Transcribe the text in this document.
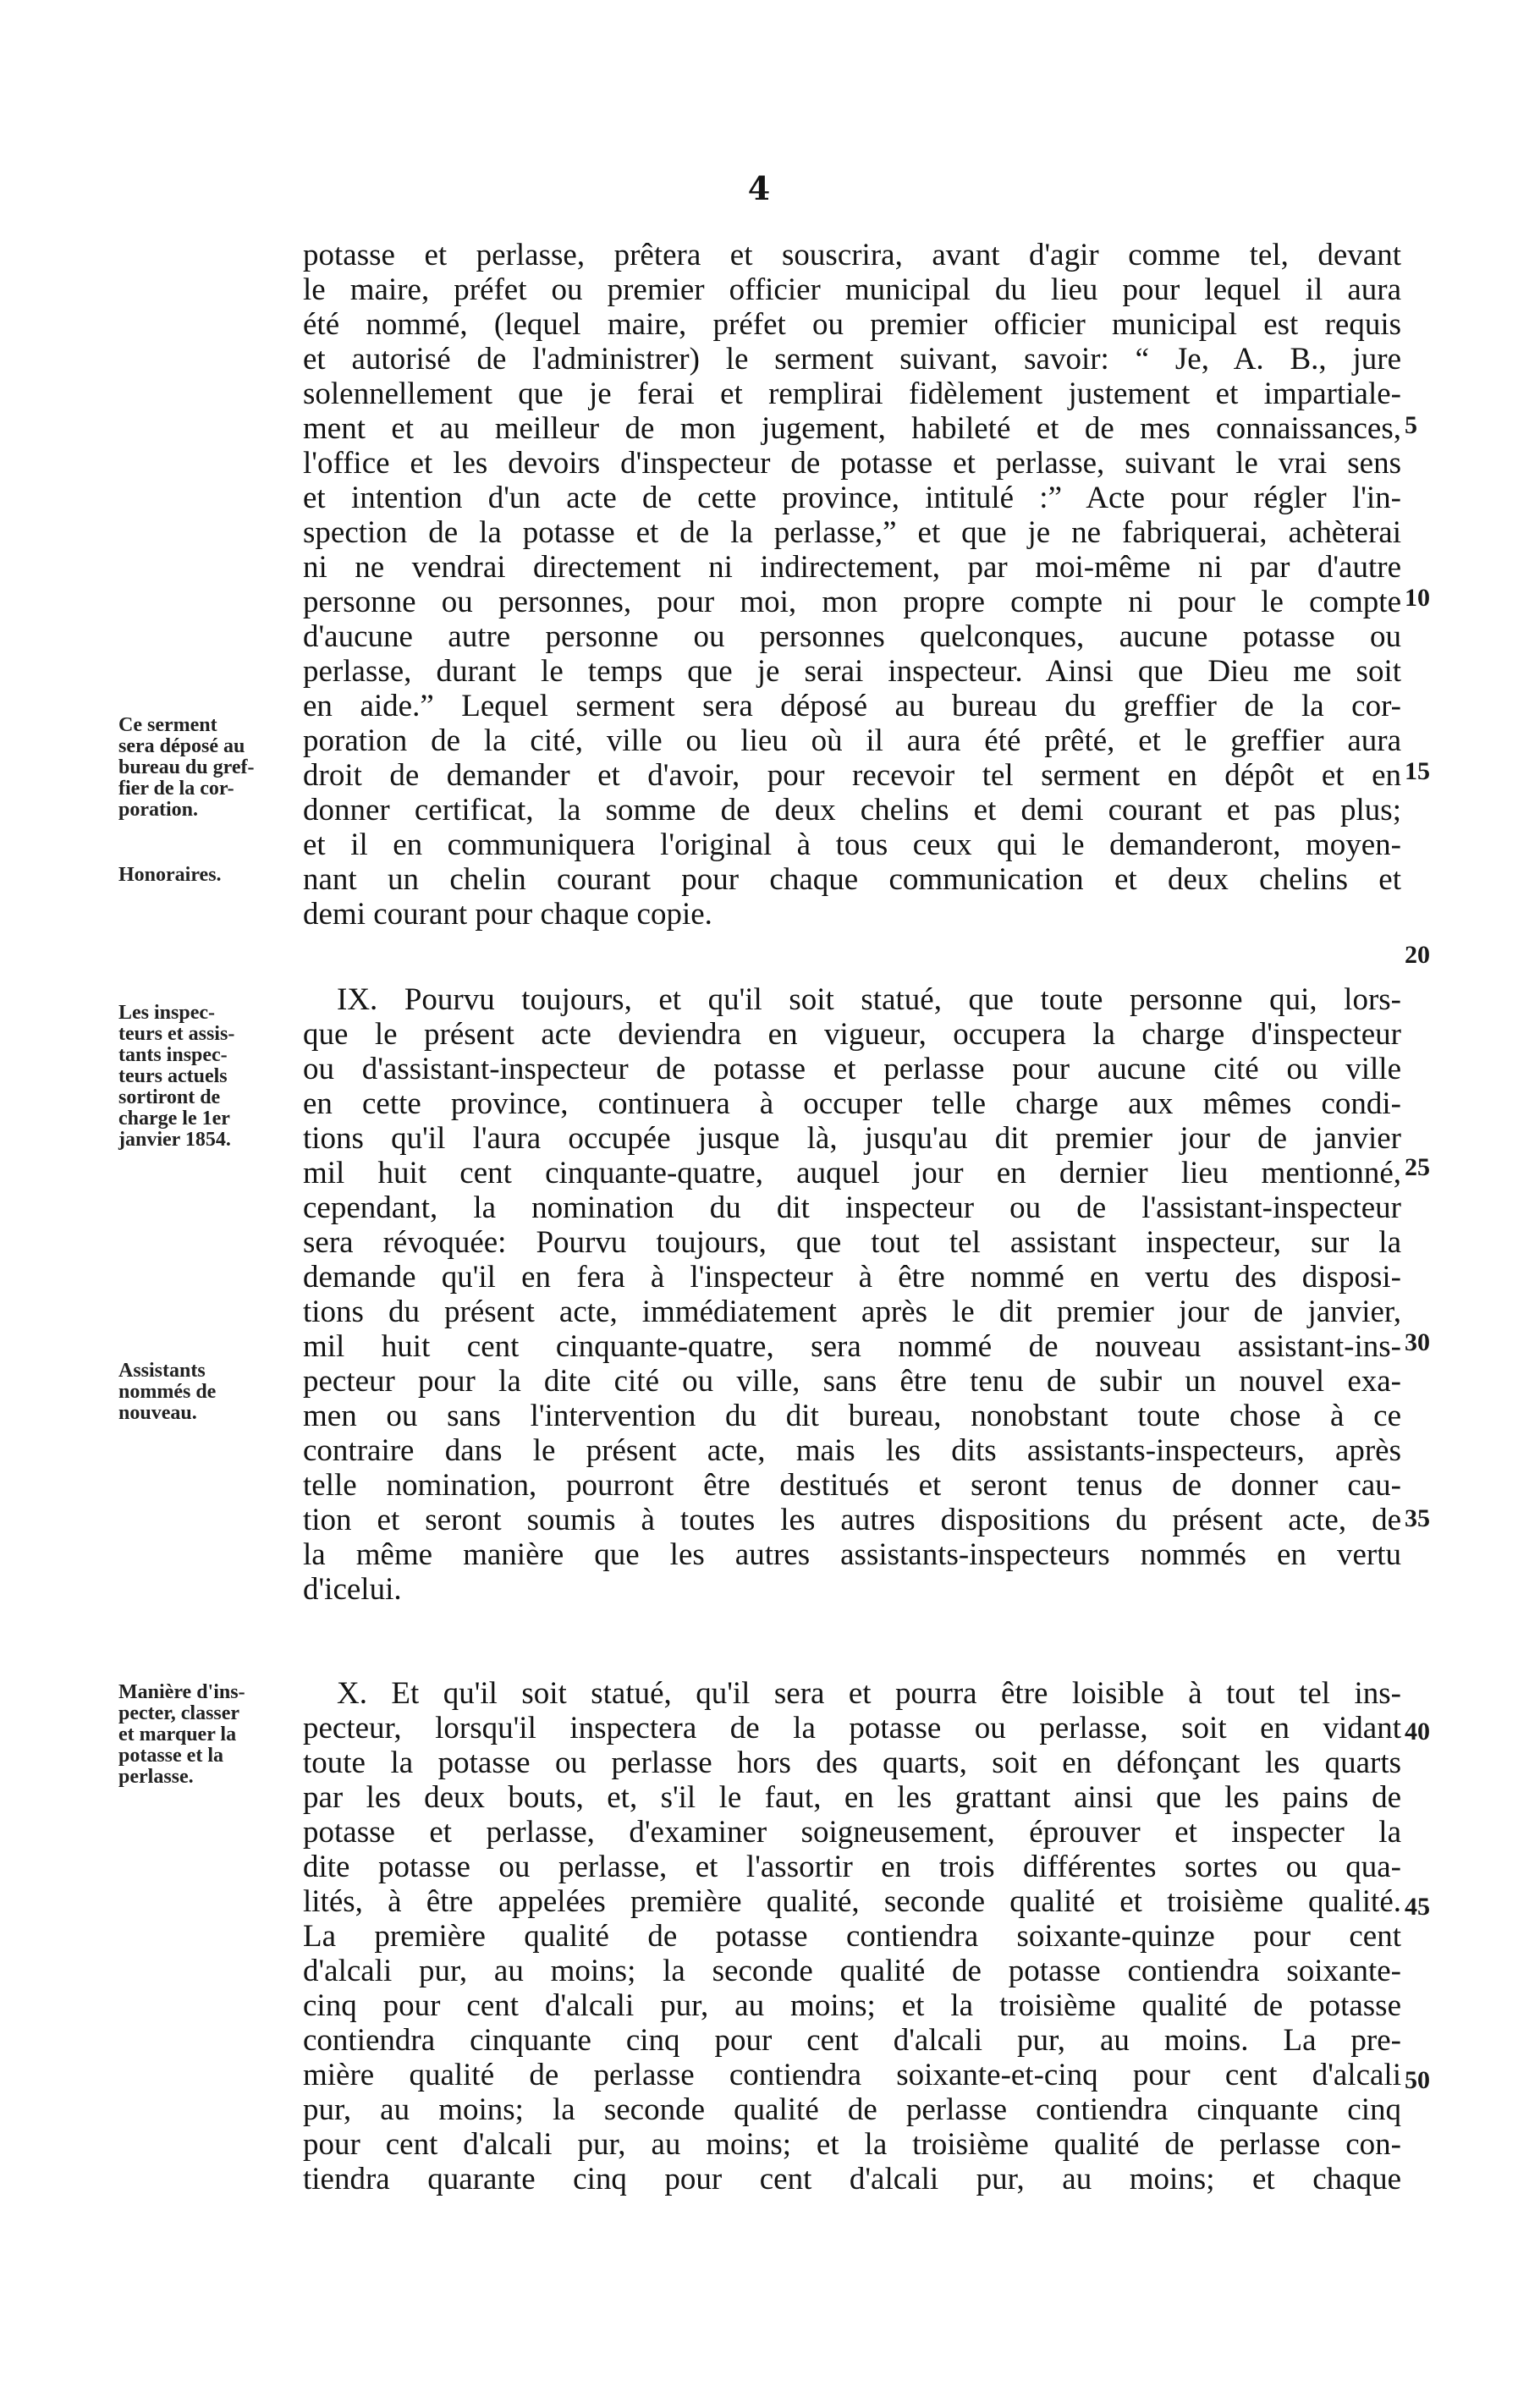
4
Ce serment
sera déposé au
bureau du gref-
fier de la cor-
poration.
Honoraires.
Les inspec-
teurs et assis-
tants inspec-
teurs actuels
sortiront de
charge le 1er
janvier 1854.
Assistants
nommés de
nouveau.
Manière d'ins-
pecter, classer
et marquer la
potasse et la
perlasse.
5
10
15
20
25
30
35
40
45
50
potasse et perlasse, prêtera et souscrira, avant d'agir comme tel, devant
le maire, préfet ou premier officier municipal du lieu pour lequel il aura
été nommé, (lequel maire, préfet ou premier officier municipal est requis
et autorisé de l'administrer) le serment suivant, savoir: “ Je, A. B., jure
solennellement que je ferai et remplirai fidèlement justement et impartiale-
ment et au meilleur de mon jugement, habileté et de mes connaissances,
l'office et les devoirs d'inspecteur de potasse et perlasse, suivant le vrai sens
et intention d'un acte de cette province, intitulé :” Acte pour régler l'in-
spection de la potasse et de la perlasse,” et que je ne fabriquerai, achèterai
ni ne vendrai directement ni indirectement, par moi-même ni par d'autre
personne ou personnes, pour moi, mon propre compte ni pour le compte
d'aucune autre personne ou personnes quelconques, aucune potasse ou
perlasse, durant le temps que je serai inspecteur. Ainsi que Dieu me soit
en aide.” Lequel serment sera déposé au bureau du greffier de la cor-
poration de la cité, ville ou lieu où il aura été prêté, et le greffier aura
droit de demander et d'avoir, pour recevoir tel serment en dépôt et en
donner certificat, la somme de deux chelins et demi courant et pas plus;
et il en communiquera l'original à tous ceux qui le demanderont, moyen-
nant un chelin courant pour chaque communication et deux chelins et
demi courant pour chaque copie.
IX. Pourvu toujours, et qu'il soit statué, que toute personne qui, lors-
que le présent acte deviendra en vigueur, occupera la charge d'inspecteur
ou d'assistant-inspecteur de potasse et perlasse pour aucune cité ou ville
en cette province, continuera à occuper telle charge aux mêmes condi-
tions qu'il l'aura occupée jusque là, jusqu'au dit premier jour de janvier
mil huit cent cinquante-quatre, auquel jour en dernier lieu mentionné,
cependant, la nomination du dit inspecteur ou de l'assistant-inspecteur
sera révoquée: Pourvu toujours, que tout tel assistant inspecteur, sur la
demande qu'il en fera à l'inspecteur à être nommé en vertu des disposi-
tions du présent acte, immédiatement après le dit premier jour de janvier,
mil huit cent cinquante-quatre, sera nommé de nouveau assistant-ins-
pecteur pour la dite cité ou ville, sans être tenu de subir un nouvel exa-
men ou sans l'intervention du dit bureau, nonobstant toute chose à ce
contraire dans le présent acte, mais les dits assistants-inspecteurs, après
telle nomination, pourront être destitués et seront tenus de donner cau-
tion et seront soumis à toutes les autres dispositions du présent acte, de
la même manière que les autres assistants-inspecteurs nommés en vertu
d'icelui.
X. Et qu'il soit statué, qu'il sera et pourra être loisible à tout tel ins-
pecteur, lorsqu'il inspectera de la potasse ou perlasse, soit en vidant
toute la potasse ou perlasse hors des quarts, soit en défonçant les quarts
par les deux bouts, et, s'il le faut, en les grattant ainsi que les pains de
potasse et perlasse, d'examiner soigneusement, éprouver et inspecter la
dite potasse ou perlasse, et l'assortir en trois différentes sortes ou qua-
lités, à être appelées première qualité, seconde qualité et troisième qualité.
La première qualité de potasse contiendra soixante-quinze pour cent
d'alcali pur, au moins; la seconde qualité de potasse contiendra soixante-
cinq pour cent d'alcali pur, au moins; et la troisième qualité de potasse
contiendra cinquante cinq pour cent d'alcali pur, au moins. La pre-
mière qualité de perlasse contiendra soixante-et-cinq pour cent d'alcali
pur, au moins; la seconde qualité de perlasse contiendra cinquante cinq
pour cent d'alcali pur, au moins; et la troisième qualité de perlasse con-
tiendra quarante cinq pour cent d'alcali pur, au moins; et chaque
